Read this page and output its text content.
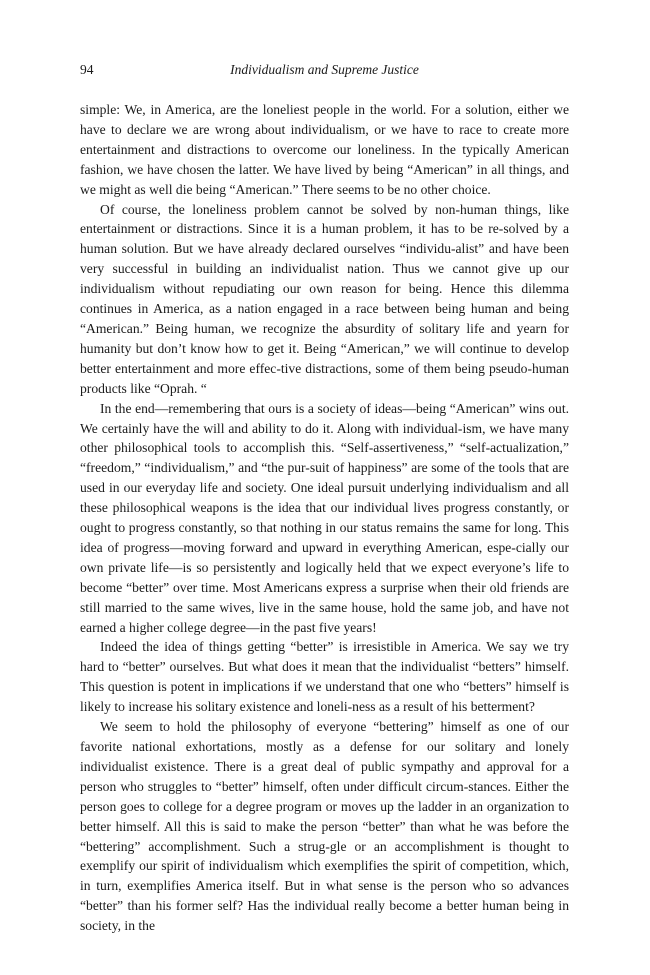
94	Individualism and Supreme Justice

simple: We, in America, are the loneliest people in the world. For a solution, either we have to declare we are wrong about individualism, or we have to race to create more entertainment and distractions to overcome our loneliness. In the typically American fashion, we have chosen the latter. We have lived by being “American” in all things, and we might as well die being “American.” There seems to be no other choice.

Of course, the loneliness problem cannot be solved by non-human things, like entertainment or distractions. Since it is a human problem, it has to be re-solved by a human solution. But we have already declared ourselves “individu-alist” and have been very successful in building an individualist nation. Thus we cannot give up our individualism without repudiating our own reason for being. Hence this dilemma continues in America, as a nation engaged in a race between being human and being “American.” Being human, we recognize the absurdity of solitary life and yearn for humanity but don’t know how to get it. Being “American,” we will continue to develop better entertainment and more effec-tive distractions, some of them being pseudo-human products like “Oprah. “

In the end—remembering that ours is a society of ideas—being “American” wins out. We certainly have the will and ability to do it. Along with individual-ism, we have many other philosophical tools to accomplish this. “Self-assertiveness,” “self-actualization,” “freedom,” “individualism,” and “the pur-suit of happiness” are some of the tools that are used in our everyday life and society. One ideal pursuit underlying individualism and all these philosophical weapons is the idea that our individual lives progress constantly, or ought to progress constantly, so that nothing in our status remains the same for long. This idea of progress—moving forward and upward in everything American, espe-cially our own private life—is so persistently and logically held that we expect everyone’s life to become “better” over time. Most Americans express a surprise when their old friends are still married to the same wives, live in the same house, hold the same job, and have not earned a higher college degree—in the past five years!

Indeed the idea of things getting “better” is irresistible in America. We say we try hard to “better” ourselves. But what does it mean that the individualist “betters” himself. This question is potent in implications if we understand that one who “betters” himself is likely to increase his solitary existence and loneli-ness as a result of his betterment?

We seem to hold the philosophy of everyone “bettering” himself as one of our favorite national exhortations, mostly as a defense for our solitary and lonely individualist existence. There is a great deal of public sympathy and approval for a person who struggles to “better” himself, often under difficult circum-stances. Either the person goes to college for a degree program or moves up the ladder in an organization to better himself. All this is said to make the person “better” than what he was before the “bettering” accomplishment. Such a strug-gle or an accomplishment is thought to exemplify our spirit of individualism which exemplifies the spirit of competition, which, in turn, exemplifies America itself. But in what sense is the person who so advances “better” than his former self? Has the individual really become a better human being in society, in the
